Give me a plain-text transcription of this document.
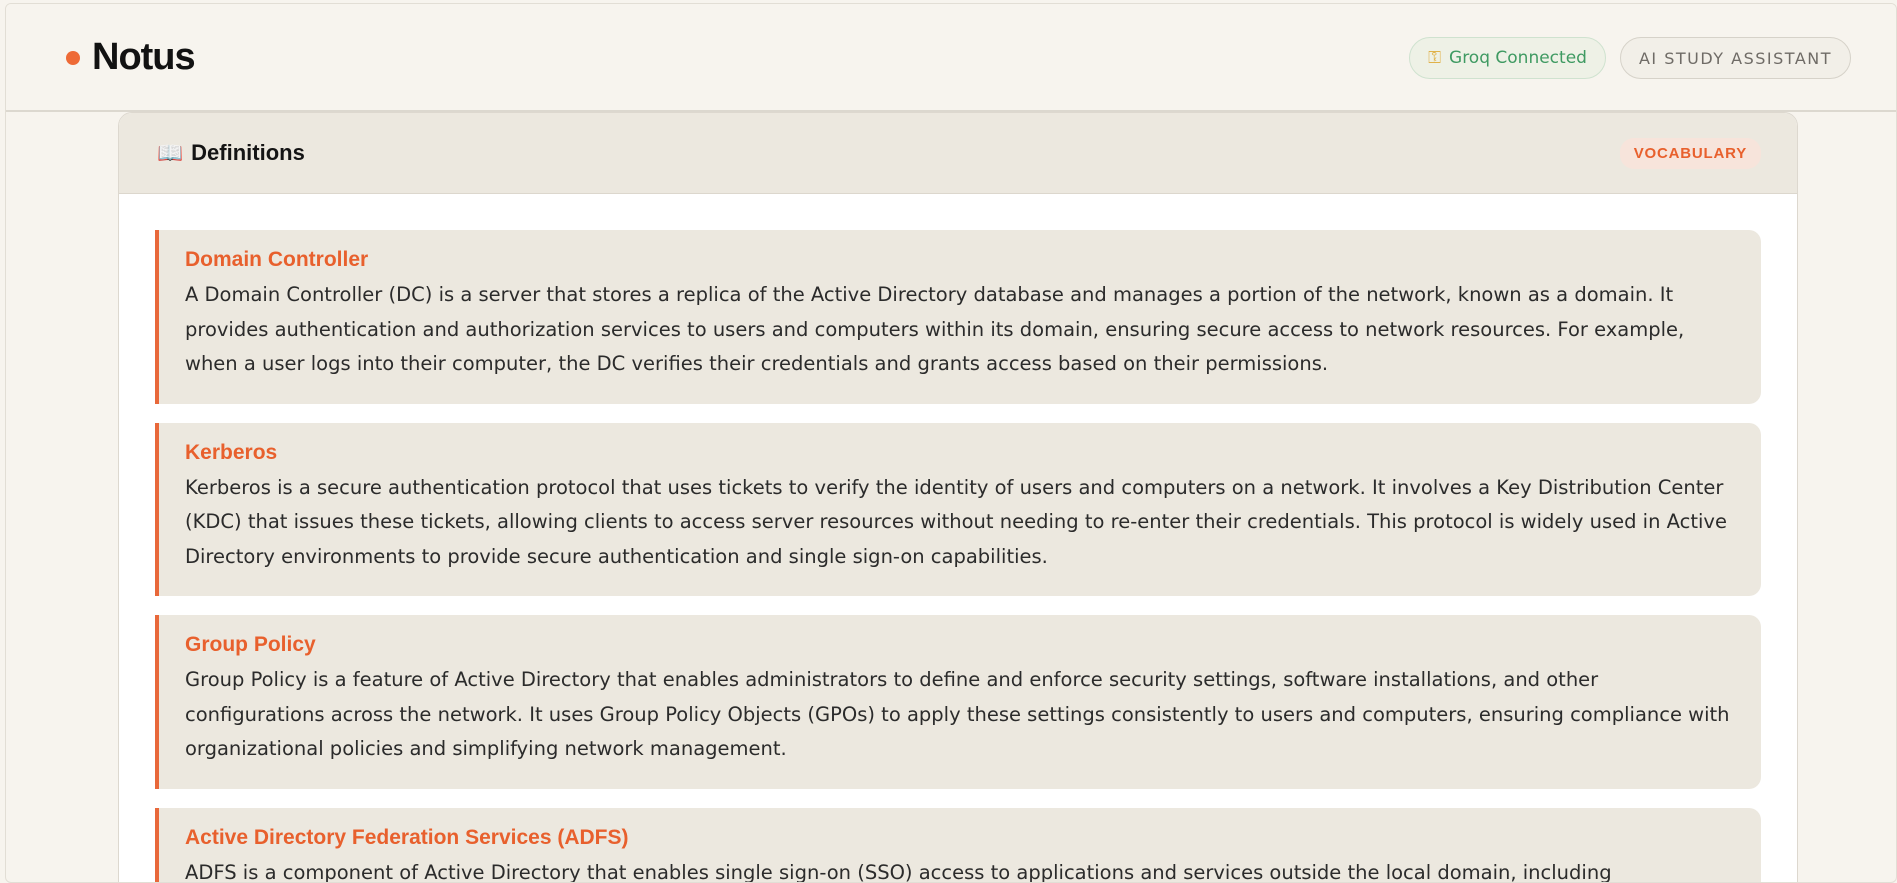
Notus	⚿ Groq Connected	AI STUDY ASSISTANT
📖 Definitions	VOCABULARY
Domain Controller
A Domain Controller (DC) is a server that stores a replica of the Active Directory database and manages a portion of the network, known as a domain. It provides authentication and authorization services to users and computers within its domain, ensuring secure access to network resources. For example, when a user logs into their computer, the DC verifies their credentials and grants access based on their permissions.
Kerberos
Kerberos is a secure authentication protocol that uses tickets to verify the identity of users and computers on a network. It involves a Key Distribution Center (KDC) that issues these tickets, allowing clients to access server resources without needing to re-enter their credentials. This protocol is widely used in Active Directory environments to provide secure authentication and single sign-on capabilities.
Group Policy
Group Policy is a feature of Active Directory that enables administrators to define and enforce security settings, software installations, and other configurations across the network. It uses Group Policy Objects (GPOs) to apply these settings consistently to users and computers, ensuring compliance with organizational policies and simplifying network management.
Active Directory Federation Services (ADFS)
ADFS is a component of Active Directory that enables single sign-on (SSO) access to applications and services outside the local domain, including
